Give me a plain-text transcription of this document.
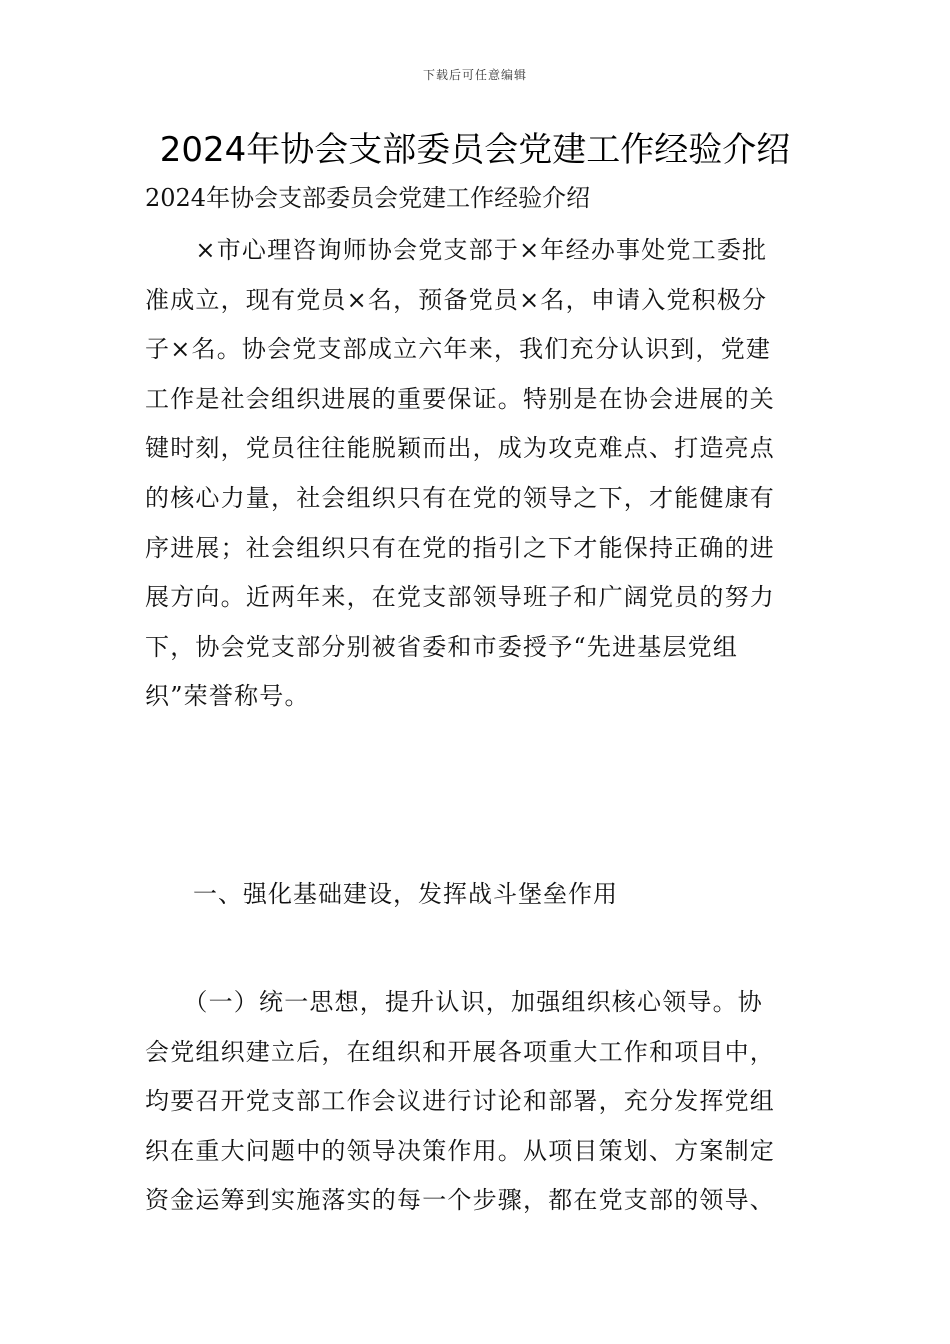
下载后可任意编辑
2024年协会支部委员会党建工作经验介绍

2024年协会支部委员会党建工作经验介绍

　　×市心理咨询师协会党支部于×年经办事处党工委批
准成立，现有党员×名，预备党员×名，申请入党积极分
子×名。协会党支部成立六年来，我们充分认识到，党建
工作是社会组织进展的重要保证。特别是在协会进展的关
键时刻，党员往往能脱颖而出，成为攻克难点、打造亮点
的核心力量，社会组织只有在党的领导之下，才能健康有
序进展；社会组织只有在党的指引之下才能保持正确的进
展方向。近两年来，在党支部领导班子和广阔党员的努力
下，协会党支部分别被省委和市委授予“先进基层党组
织”荣誉称号。

一、强化基础建设，发挥战斗堡垒作用

　　（一）统一思想，提升认识，加强组织核心领导。协
会党组织建立后，在组织和开展各项重大工作和项目中，
均要召开党支部工作会议进行讨论和部署，充分发挥党组
织在重大问题中的领导决策作用。从项目策划、方案制定
资金运筹到实施落实的每一个步骤，都在党支部的领导、
